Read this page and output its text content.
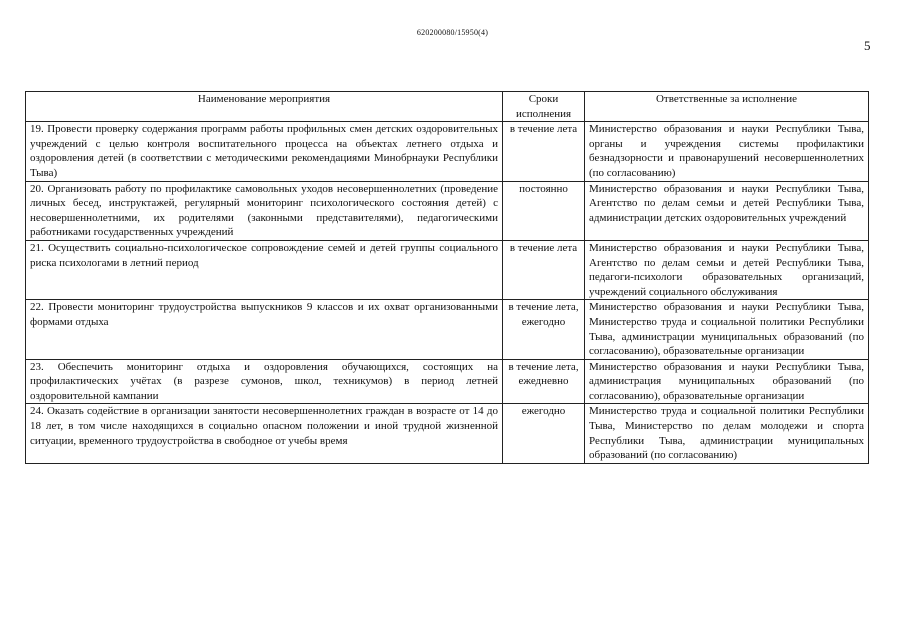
620200080/15950(4)
5
Наименование мероприятия	Сроки исполнения	Ответственные за исполнение
19. Провести проверку содержания программ работы профильных смен детских оздоровительных учреждений с целью контроля воспитательного процесса на объектах летнего отдыха и оздоровления детей (в соответствии с методическими рекомендациями Минобрнауки Республики Тыва)	в течение лета	Министерство образования и науки Республики Тыва, органы и учреждения системы профилактики безнадзорности и правонарушений несовершеннолетних (по согласованию)
20. Организовать работу по профилактике самовольных уходов несовершеннолетних (проведение личных бесед, инструктажей, регулярный мониторинг психологического состояния детей) с несовершеннолетними, их родителями (законными представителями), педагогическими работниками государственных учреждений	постоянно	Министерство образования и науки Республики Тыва, Агентство по делам семьи и детей Республики Тыва, администрации детских оздоровительных учреждений
21. Осуществить социально-психологическое сопровождение семей и детей группы социального риска психологами в летний период	в течение лета	Министерство образования и науки Республики Тыва, Агентство по делам семьи и детей Республики Тыва, педагоги-психологи образовательных организаций, учреждений социального обслуживания
22. Провести мониторинг трудоустройства выпускников 9 классов и их охват организованными формами отдыха	в течение лета, ежегодно	Министерство образования и науки Республики Тыва, Министерство труда и социальной политики Республики Тыва, администрации муниципальных образований (по согласованию), образовательные организации
23. Обеспечить мониторинг отдыха и оздоровления обучающихся, состоящих на профилактических учётах (в разрезе сумонов, школ, техникумов) в период летней оздоровительной кампании	в течение лета, ежедневно	Министерство образования и науки Республики Тыва, администрация муниципальных образований (по согласованию), образовательные организации
24. Оказать содействие в организации занятости несовершеннолетних граждан в возрасте от 14 до 18 лет, в том числе находящихся в социально опасном положении и иной трудной жизненной ситуации, временного трудоустройства в свободное от учебы время	ежегодно	Министерство труда и социальной политики Республики Тыва, Министерство по делам молодежи и спорта Республики Тыва, администрации муниципальных образований (по согласованию)
